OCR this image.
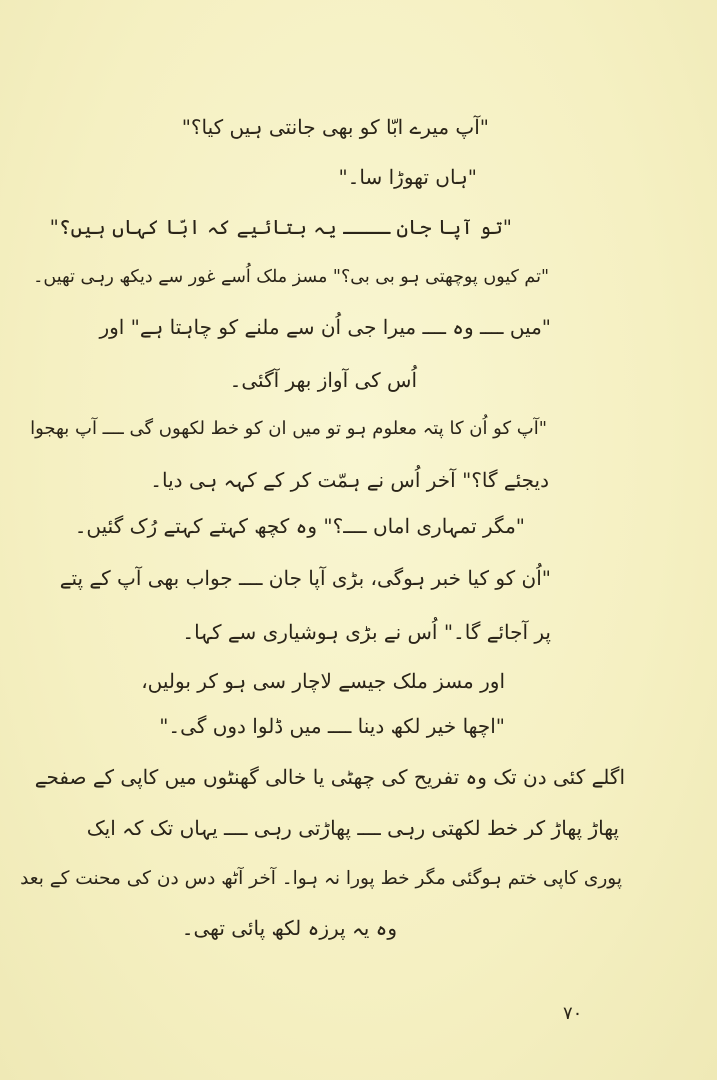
"آپ میرے ابّا کو بھی جانتی ہیں کیا؟"
"ہاں تھوڑا سا۔"
"تو آپا جان ــــ یہ بتائیے کہ ابّا کہاں ہیں؟"
"تم کیوں پوچھتی ہو بی بی؟" مسز ملک اُسے غور سے دیکھ رہی تھیں۔
"میں ــــ وہ ــــ میرا جی اُن سے ملنے کو چاہتا ہے" اور
اُس کی آواز بھر آگئی۔
"آپ کو اُن کا پتہ معلوم ہو تو میں ان کو خط لکھوں گی ــــ آپ بھجوا
دیجئے گا؟" آخر اُس نے ہمّت کر کے کہہ ہی دیا۔
"مگر تمہاری اماں ــــ؟" وہ کچھ کہتے کہتے رُک گئیں۔
"اُن کو کیا خبر ہوگی، بڑی آپا جان ــــ جواب بھی آپ کے پتے
پر آجائے گا۔" اُس نے بڑی ہوشیاری سے کہا۔
اور مسز ملک جیسے لاچار سی ہو کر بولیں،
"اچھا خیر لکھ دینا ــــ میں ڈلوا دوں گی۔"
اگلے کئی دن تک وہ تفریح کی چھٹی یا خالی گھنٹوں میں کاپی کے صفحے
پھاڑ پھاڑ کر خط لکھتی رہی ــــ پھاڑتی رہی ــــ یہاں تک کہ ایک
پوری کاپی ختم ہوگئی مگر خط پورا نہ ہوا۔ آخر آٹھ دس دن کی محنت کے بعد
وہ یہ پرزہ لکھ پائی تھی۔
۷۰
